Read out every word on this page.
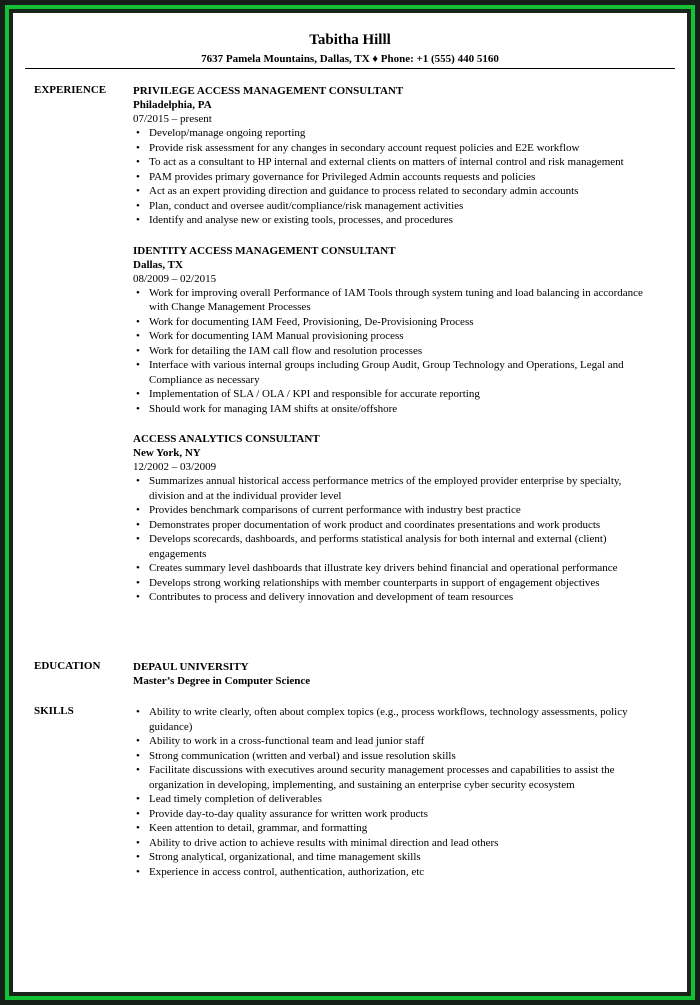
Tabitha Hilll
7637 Pamela Mountains, Dallas, TX ♦ Phone: +1 (555) 440 5160
EXPERIENCE PRIVILEGE ACCESS MANAGEMENT CONSULTANT
Philadelphia, PA
07/2015 – present
• Develop/manage ongoing reporting
• Provide risk assessment for any changes in secondary account request policies and E2E workflow
• To act as a consultant to HP internal and external clients on matters of internal control and risk management
• PAM provides primary governance for Privileged Admin accounts requests and policies
• Act as an expert providing direction and guidance to process related to secondary admin accounts
• Plan, conduct and oversee audit/compliance/risk management activities
• Identify and analyse new or existing tools, processes, and procedures
IDENTITY ACCESS MANAGEMENT CONSULTANT
Dallas, TX
08/2009 – 02/2015
• Work for improving overall Performance of IAM Tools through system tuning and load balancing in accordance with Change Management Processes
• Work for documenting IAM Feed, Provisioning, De-Provisioning Process
• Work for documenting IAM Manual provisioning process
• Work for detailing the IAM call flow and resolution processes
• Interface with various internal groups including Group Audit, Group Technology and Operations, Legal and Compliance as necessary
• Implementation of SLA / OLA / KPI and responsible for accurate reporting
• Should work for managing IAM shifts at onsite/offshore
ACCESS ANALYTICS CONSULTANT
New York, NY
12/2002 – 03/2009
• Summarizes annual historical access performance metrics of the employed provider enterprise by specialty, division and at the individual provider level
• Provides benchmark comparisons of current performance with industry best practice
• Demonstrates proper documentation of work product and coordinates presentations and work products
• Develops scorecards, dashboards, and performs statistical analysis for both internal and external (client) engagements
• Creates summary level dashboards that illustrate key drivers behind financial and operational performance
• Develops strong working relationships with member counterparts in support of engagement objectives
• Contributes to process and delivery innovation and development of team resources
EDUCATION	DEPAUL UNIVERSITY
Master’s Degree in Computer Science
SKILLS
•	Ability to write clearly, often about complex topics (e.g., process workflows, technology assessments, policy guidance)
• Ability to work in a cross-functional team and lead junior staff
• Strong communication (written and verbal) and issue resolution skills
• Facilitate discussions with executives around security management processes and capabilities to assist the organization in developing, implementing, and sustaining an enterprise cyber security ecosystem
• Lead timely completion of deliverables
• Provide day-to-day quality assurance for written work products
• Keen attention to detail, grammar, and formatting
• Ability to drive action to achieve results with minimal direction and lead others
• Strong analytical, organizational, and time management skills
• Experience in access control, authentication, authorization, etc
